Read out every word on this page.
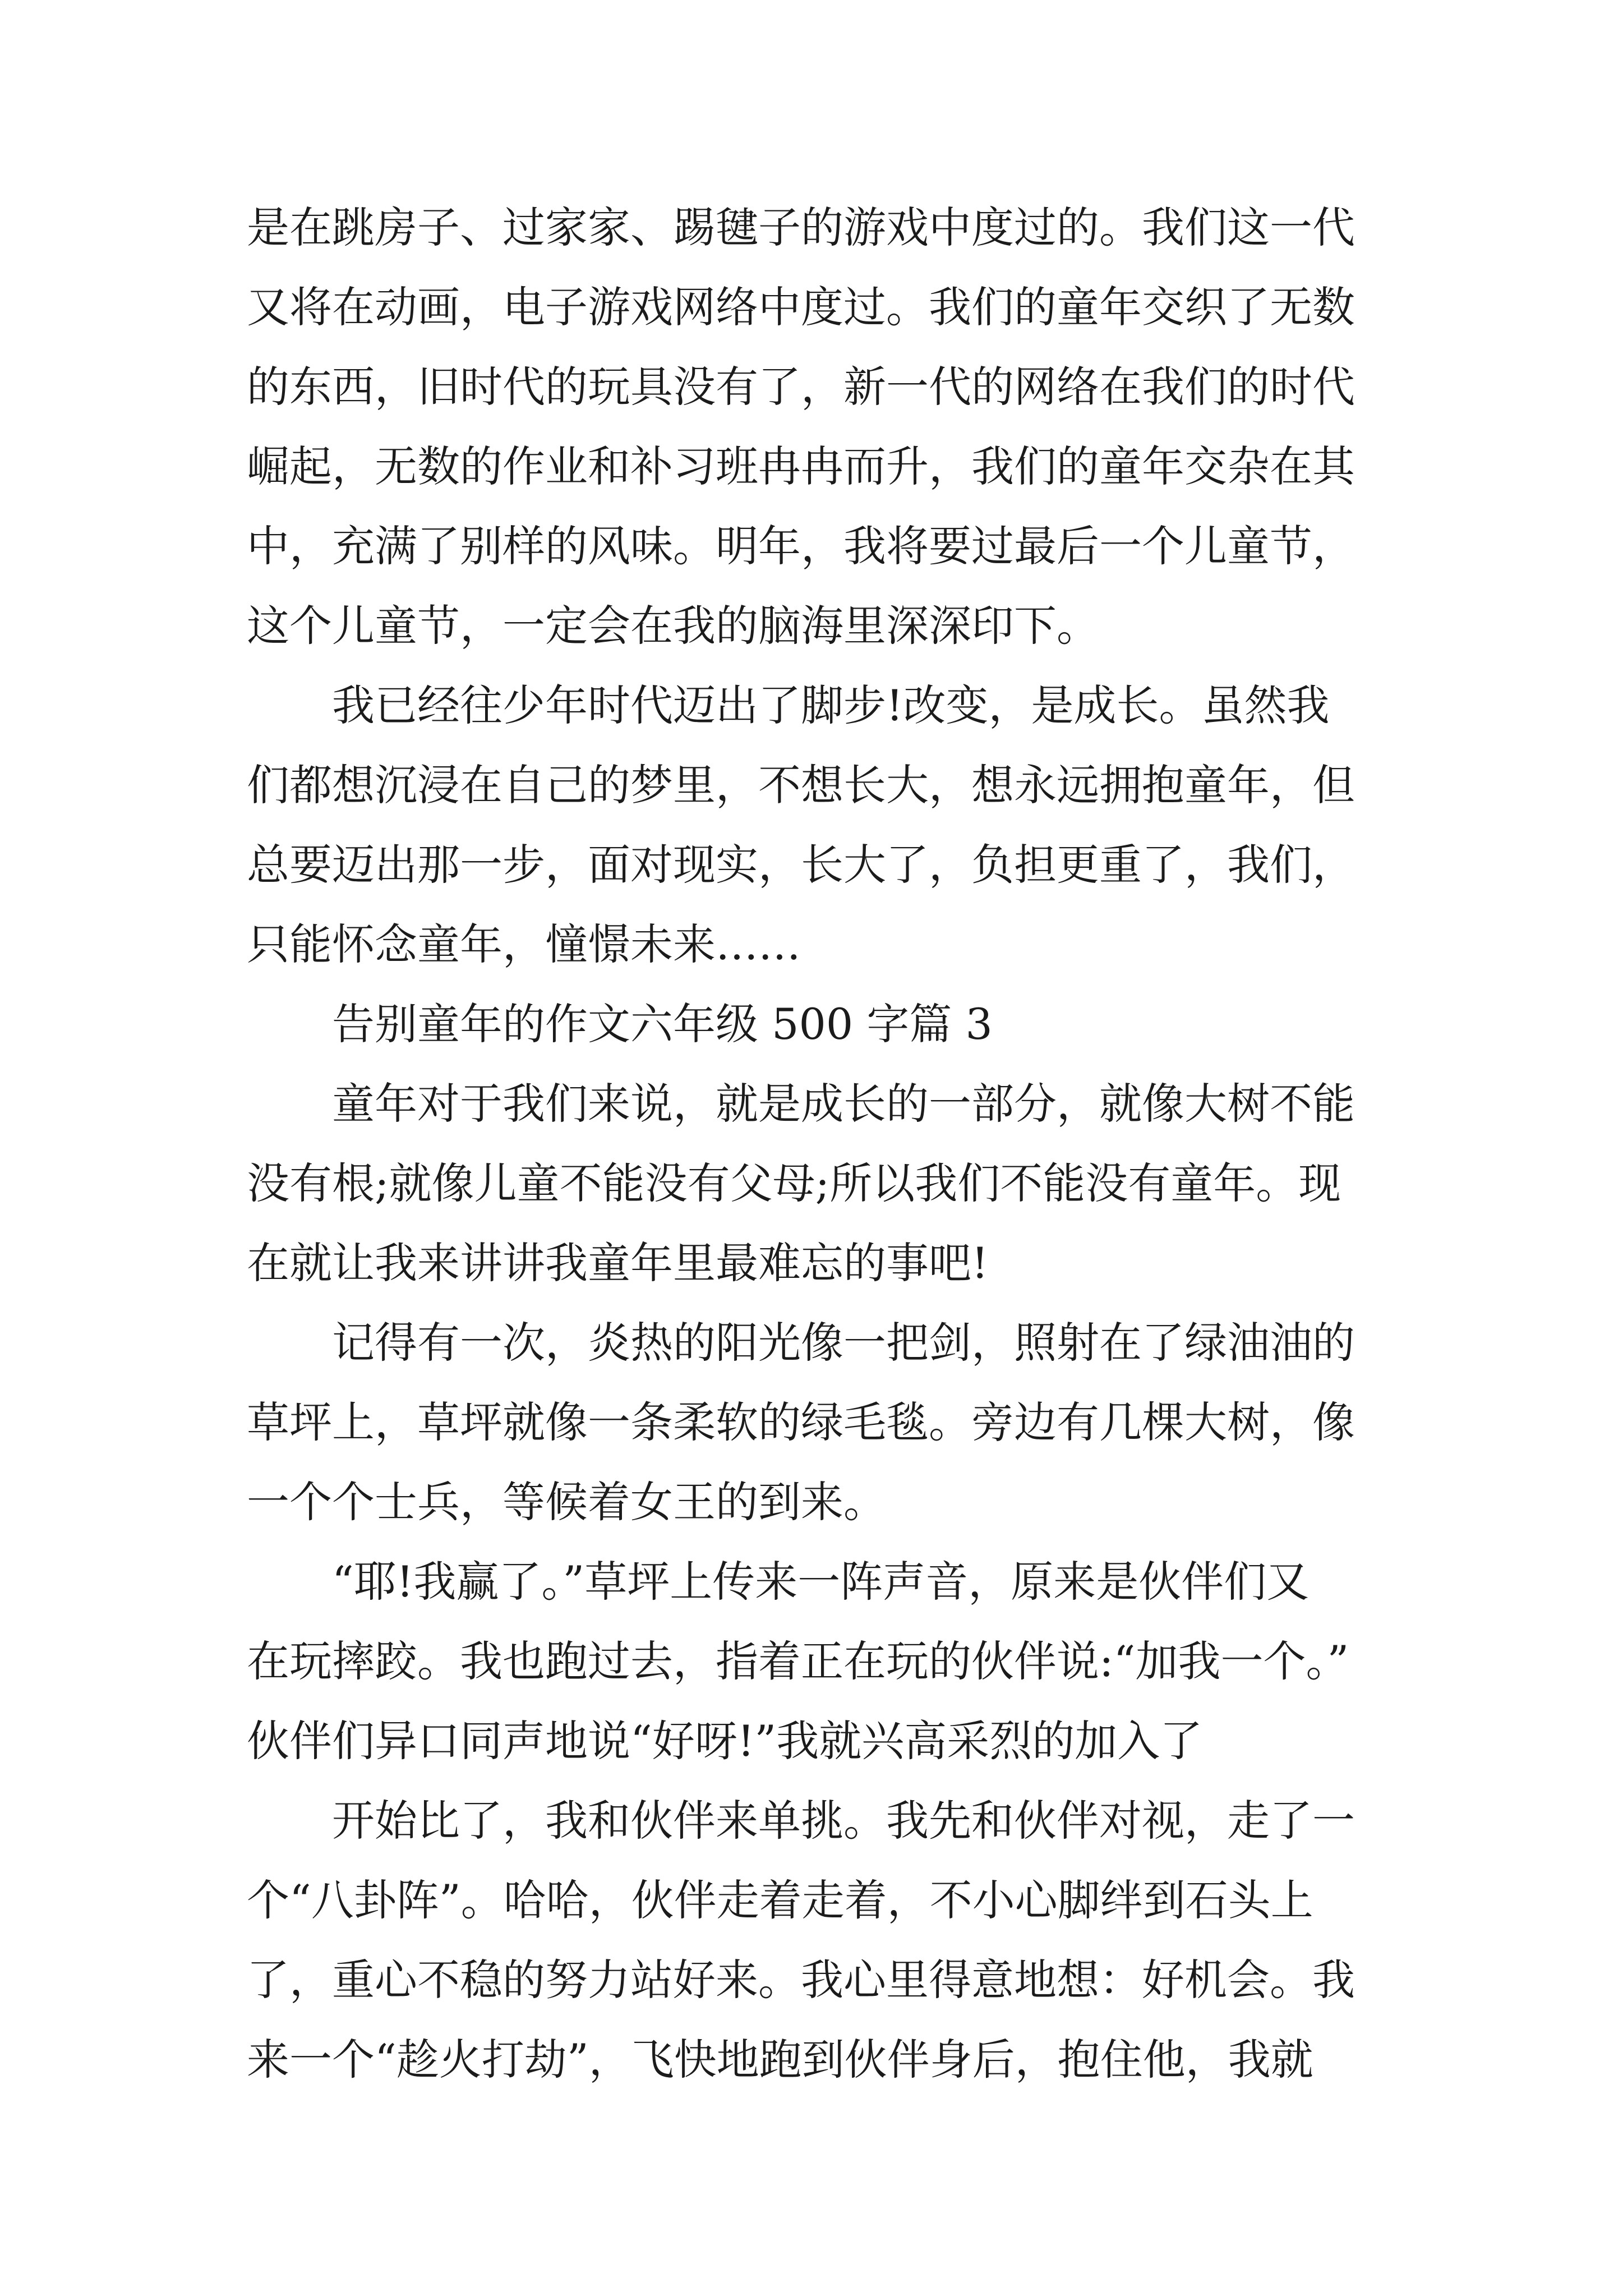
是在跳房子、过家家、踢毽子的游戏中度过的。我们这一代
又将在动画，电子游戏网络中度过。我们的童年交织了无数
的东西，旧时代的玩具没有了，新一代的网络在我们的时代
崛起，无数的作业和补习班冉冉而升，我们的童年交杂在其
中，充满了别样的风味。明年，我将要过最后一个儿童节，
这个儿童节，一定会在我的脑海里深深印下。
我已经往少年时代迈出了脚步!改变，是成长。虽然我
们都想沉浸在自己的梦里，不想长大，想永远拥抱童年，但
总要迈出那一步，面对现实，长大了，负担更重了，我们，
只能怀念童年，憧憬未来……
告别童年的作文六年级 500 字篇 3
童年对于我们来说，就是成长的一部分，就像大树不能
没有根;就像儿童不能没有父母;所以我们不能没有童年。现
在就让我来讲讲我童年里最难忘的事吧!
记得有一次，炎热的阳光像一把剑，照射在了绿油油的
草坪上，草坪就像一条柔软的绿毛毯。旁边有几棵大树，像
一个个士兵，等候着女王的到来。
“耶!我赢了。”草坪上传来一阵声音，原来是伙伴们又
在玩摔跤。我也跑过去，指着正在玩的伙伴说:“加我一个。”
伙伴们异口同声地说“好呀!”我就兴高采烈的加入了
开始比了，我和伙伴来单挑。我先和伙伴对视，走了一
个“八卦阵”。哈哈，伙伴走着走着，不小心脚绊到石头上
了，重心不稳的努力站好来。我心里得意地想：好机会。我
来一个“趁火打劫”，飞快地跑到伙伴身后，抱住他，我就
